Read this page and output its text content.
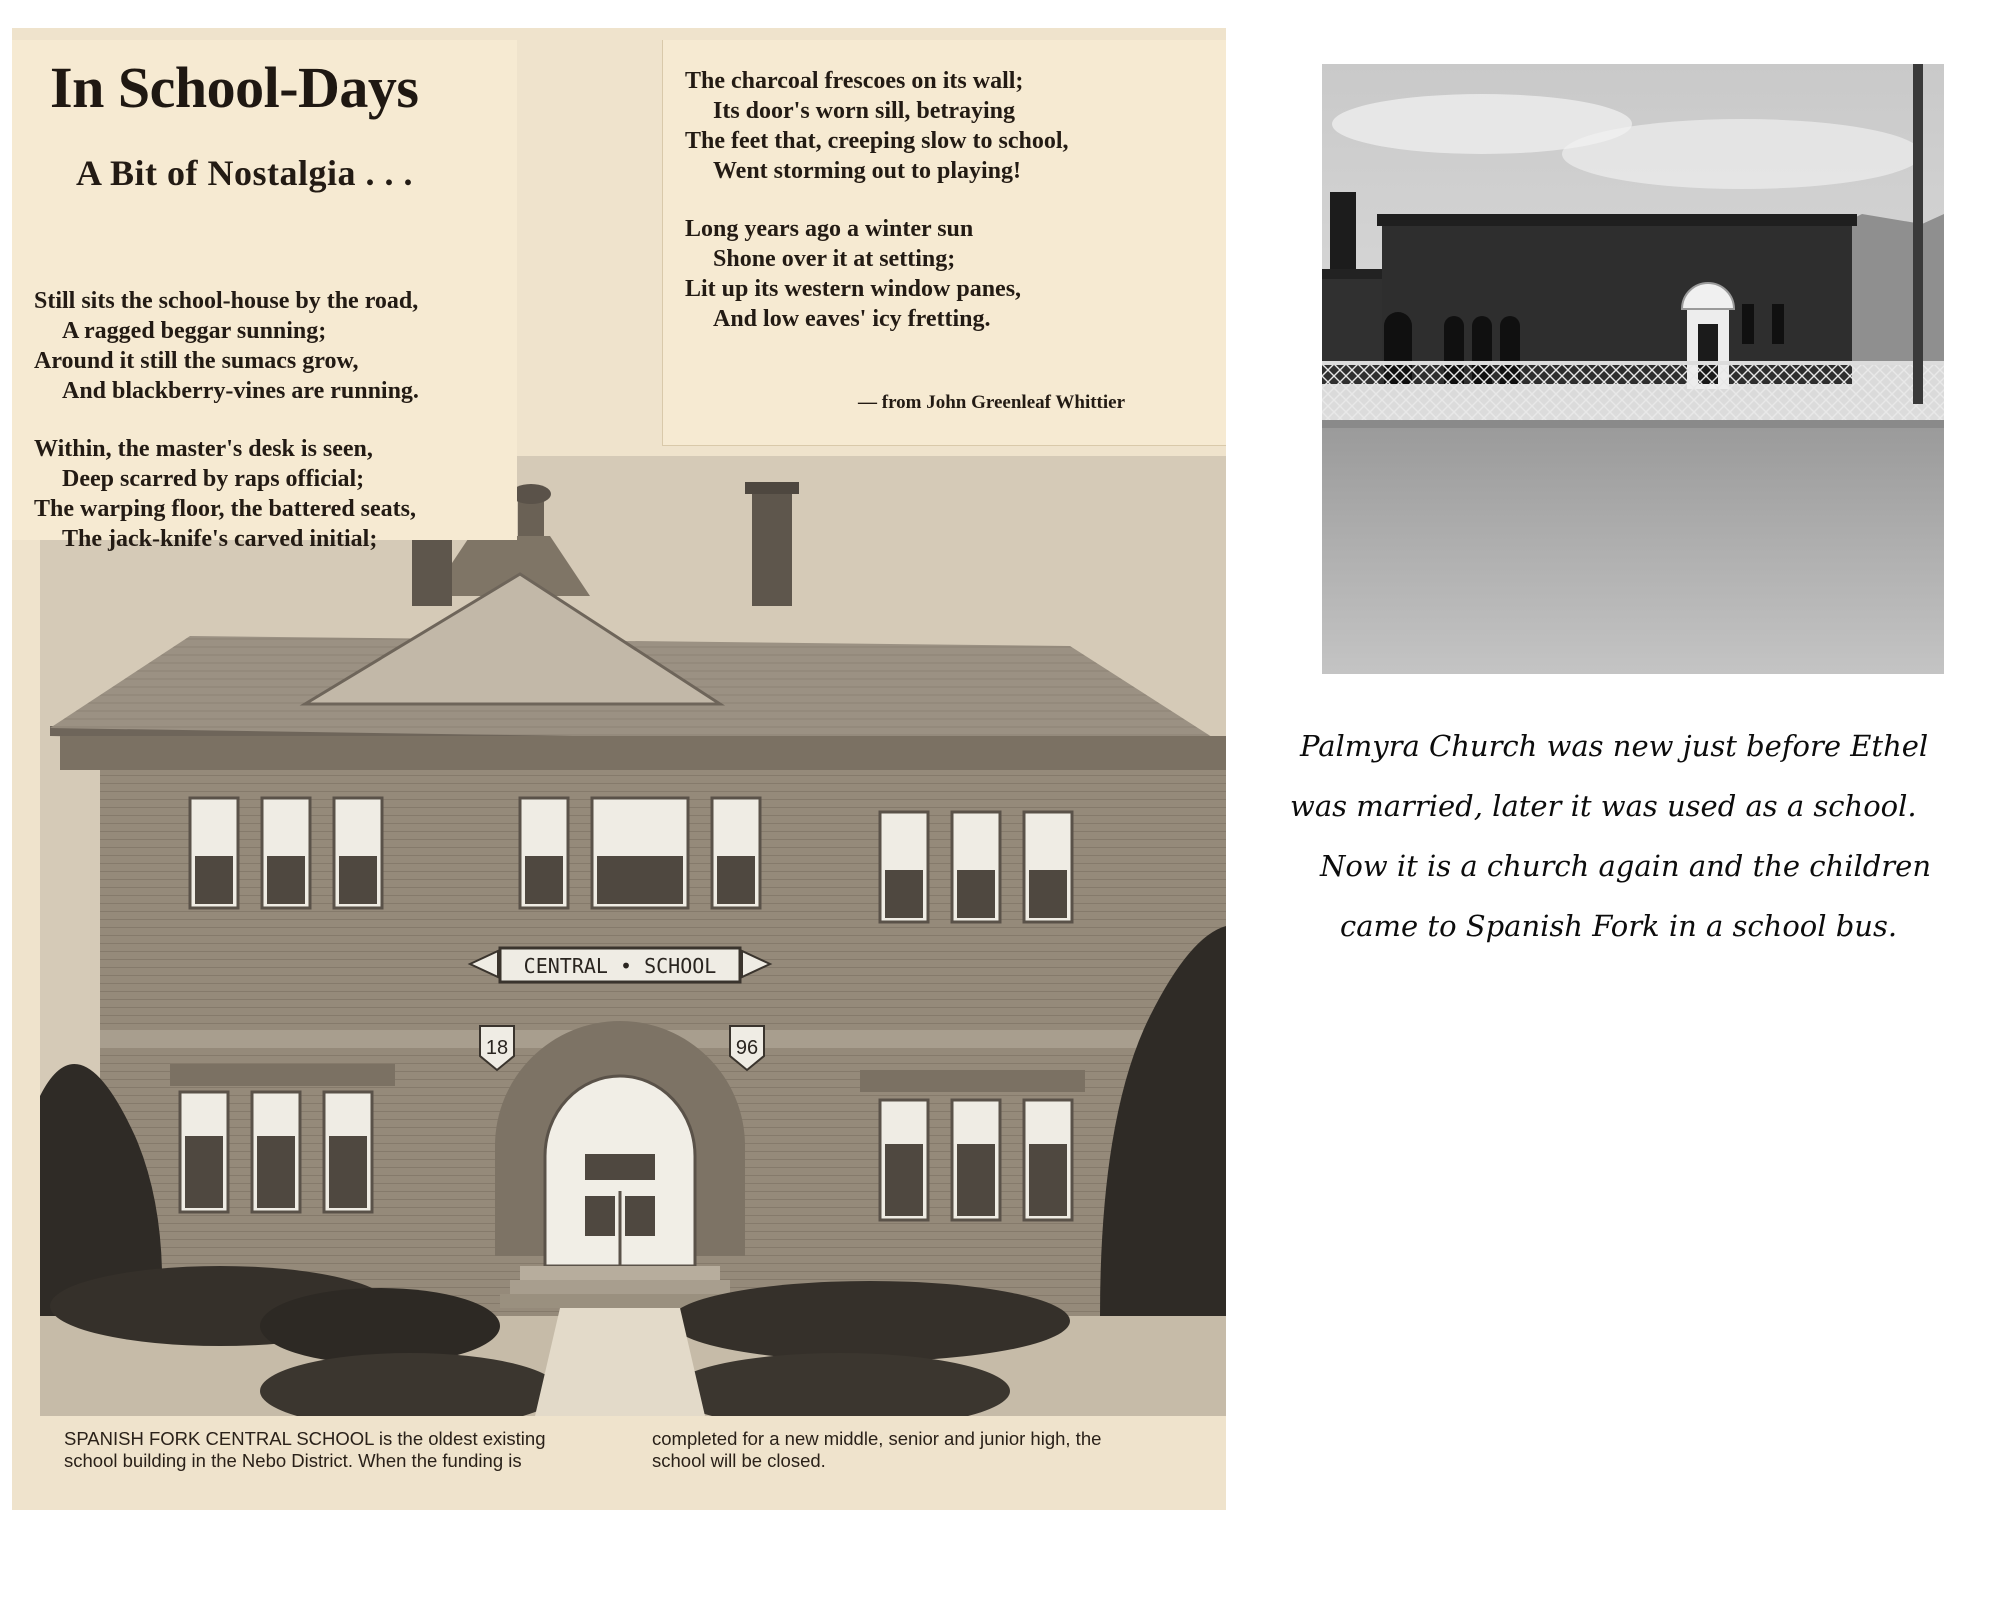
CENTRAL • SCHOOL
18	96
In School-Days
A Bit of Nostalgia . . .
Still sits the school-house by the road,
A ragged beggar sunning;
Around it still the sumacs grow,
And blackberry-vines are running.
Within, the master's desk is seen,
Deep scarred by raps official;
The warping floor, the battered seats,
The jack-knife's carved initial;
The charcoal frescoes on its wall;
Its door's worn sill, betraying
The feet that, creeping slow to school,
Went storming out to playing!
Long years ago a winter sun
Shone over it at setting;
Lit up its western window panes,
And low eaves' icy fretting.
— from John Greenleaf Whittier
SPANISH FORK CENTRAL SCHOOL is the oldest existing
school building in the Nebo District. When the funding is
completed for a new middle, senior and junior high, the
school will be closed.
Palmyra Church was new just before Ethel
was married, later it was used as a school.
Now it is a church again and the children
came to Spanish Fork in a school bus.
